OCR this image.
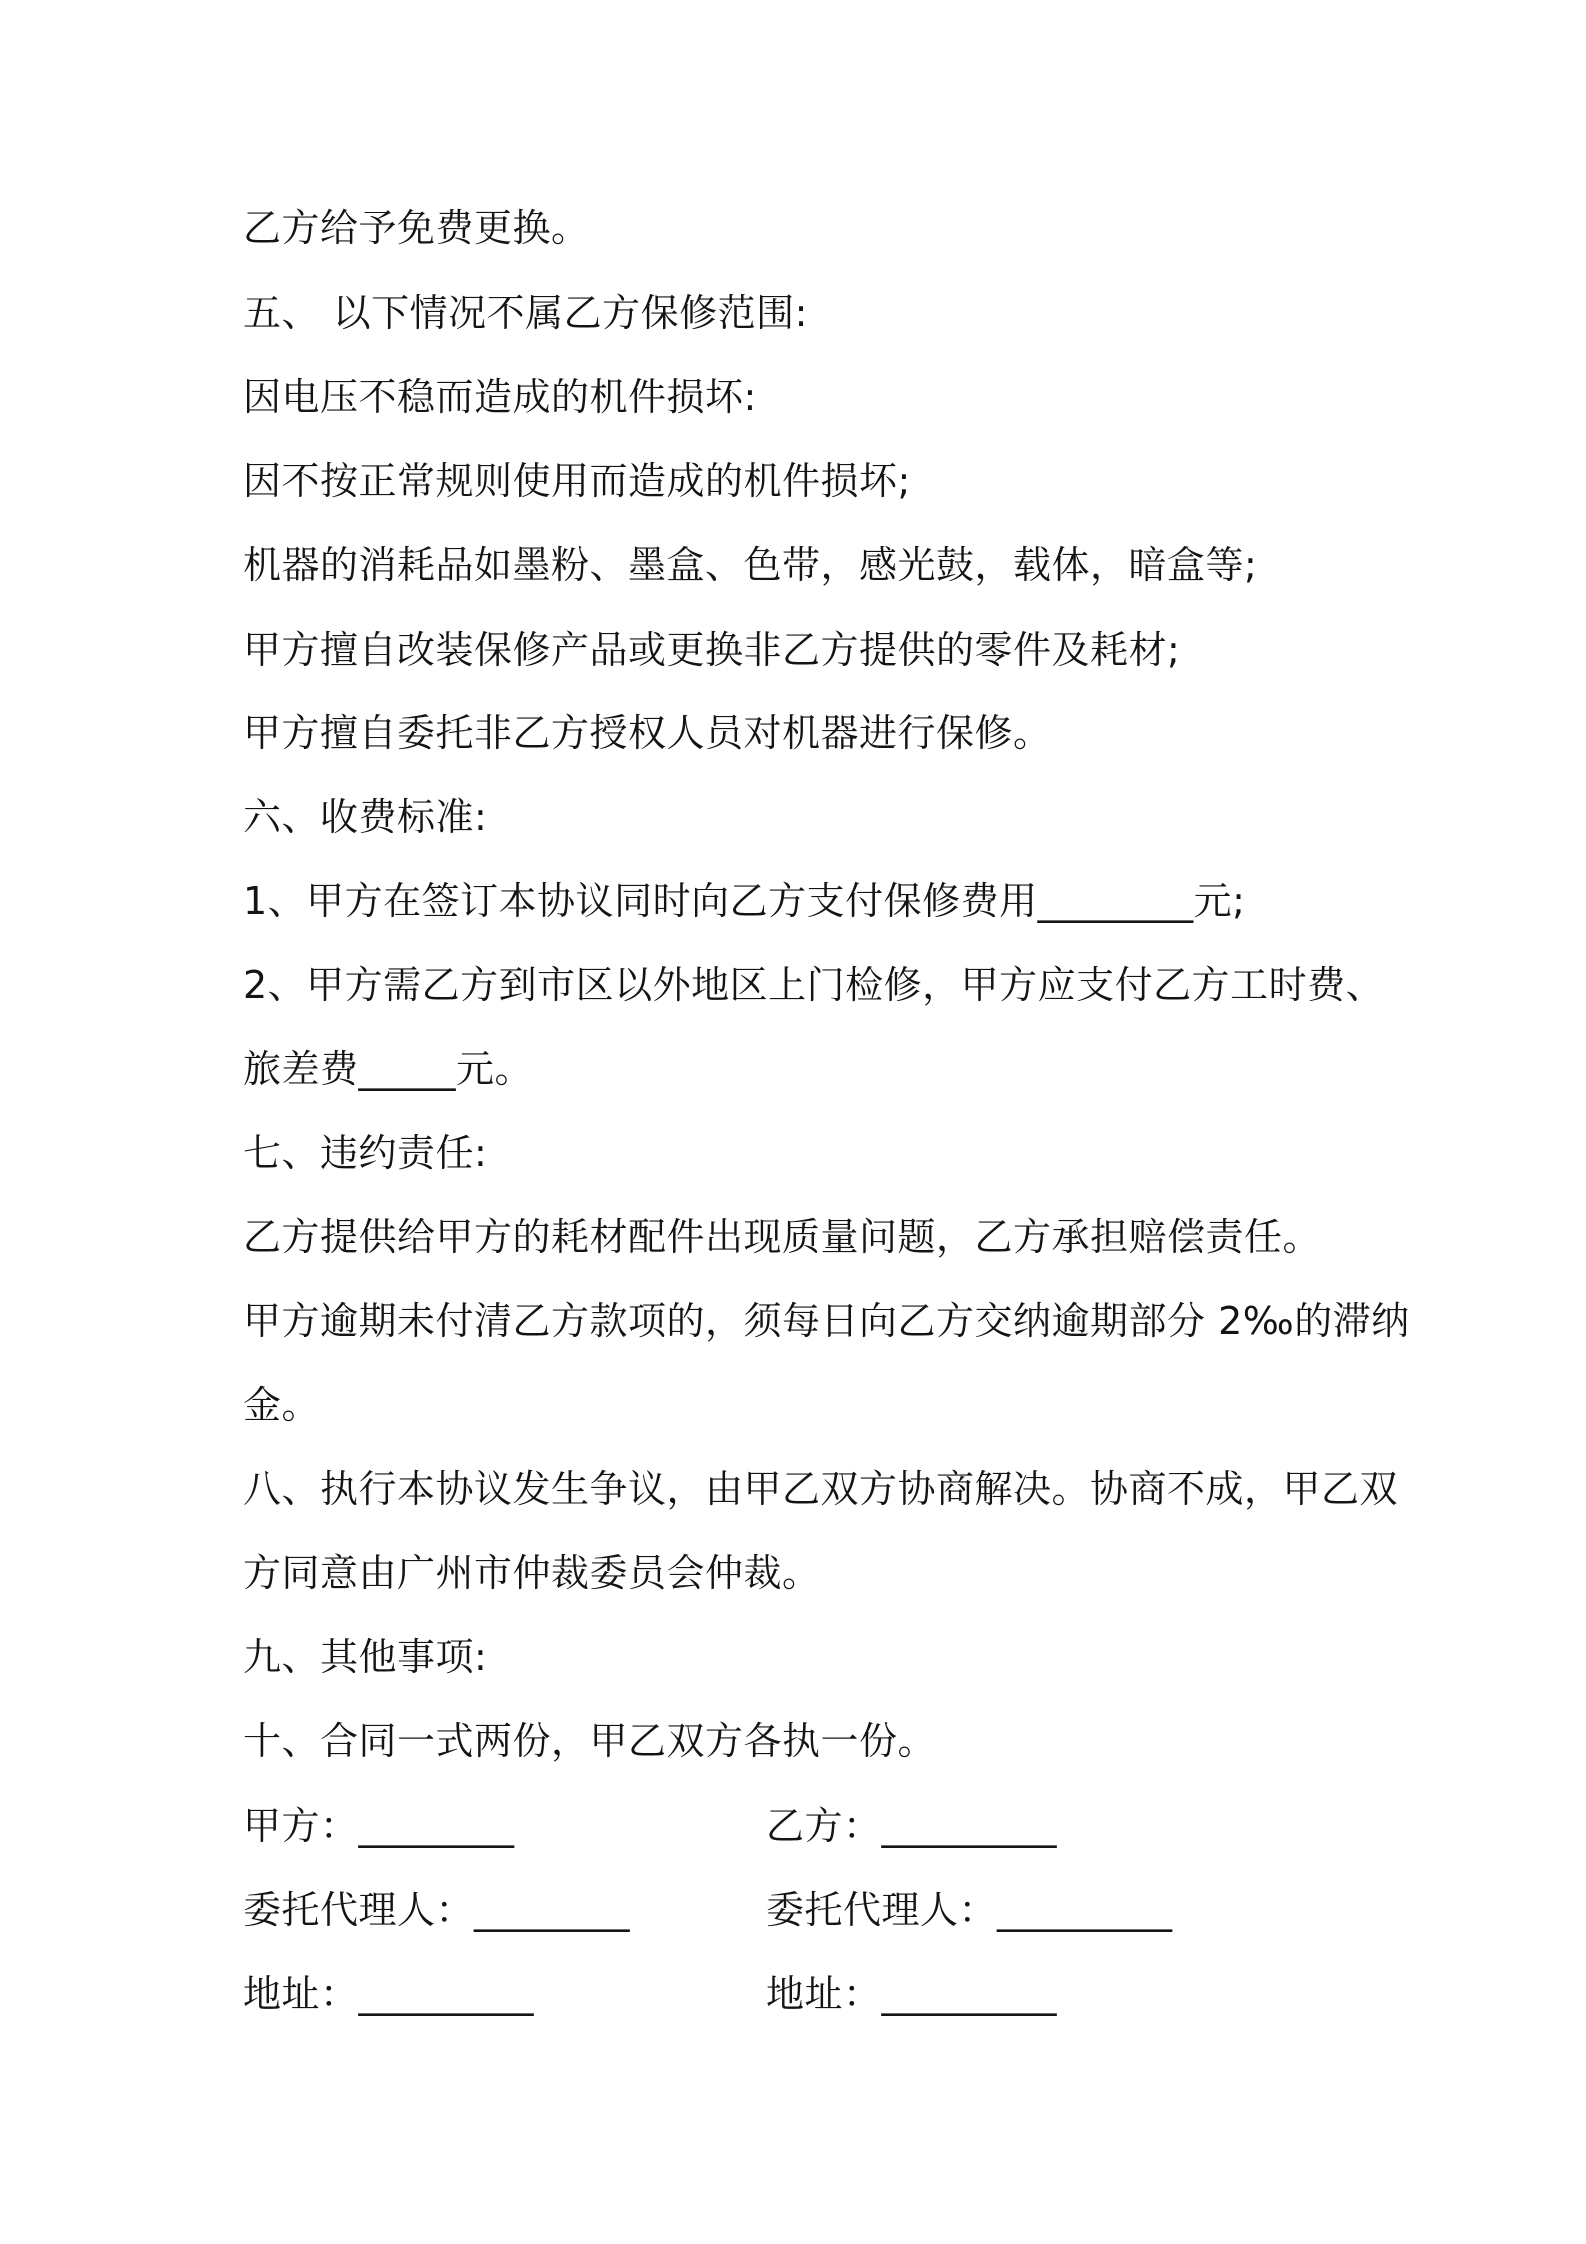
乙方给予免费更换。
五、 以下情况不属乙方保修范围:
因电压不稳而造成的机件损坏:
因不按正常规则使用而造成的机件损坏;
机器的消耗品如墨粉、墨盒、色带，感光鼓，载体，暗盒等;
甲方擅自改装保修产品或更换非乙方提供的零件及耗材;
甲方擅自委托非乙方授权人员对机器进行保修。
六、收费标准:
1、甲方在签订本协议同时向乙方支付保修费用________元;
2、甲方需乙方到市区以外地区上门检修，甲方应支付乙方工时费、
旅差费_____元。
七、违约责任:
乙方提供给甲方的耗材配件出现质量问题，乙方承担赔偿责任。
甲方逾期未付清乙方款项的，须每日向乙方交纳逾期部分 2‰的滞纳
金。
八、执行本协议发生争议，由甲乙双方协商解决。协商不成，甲乙双
方同意由广州市仲裁委员会仲裁。
九、其他事项:
十、合同一式两份，甲乙双方各执一份。
甲方：________	乙方：_________
委托代理人：________	委托代理人：_________
地址：_________	地址：_________
